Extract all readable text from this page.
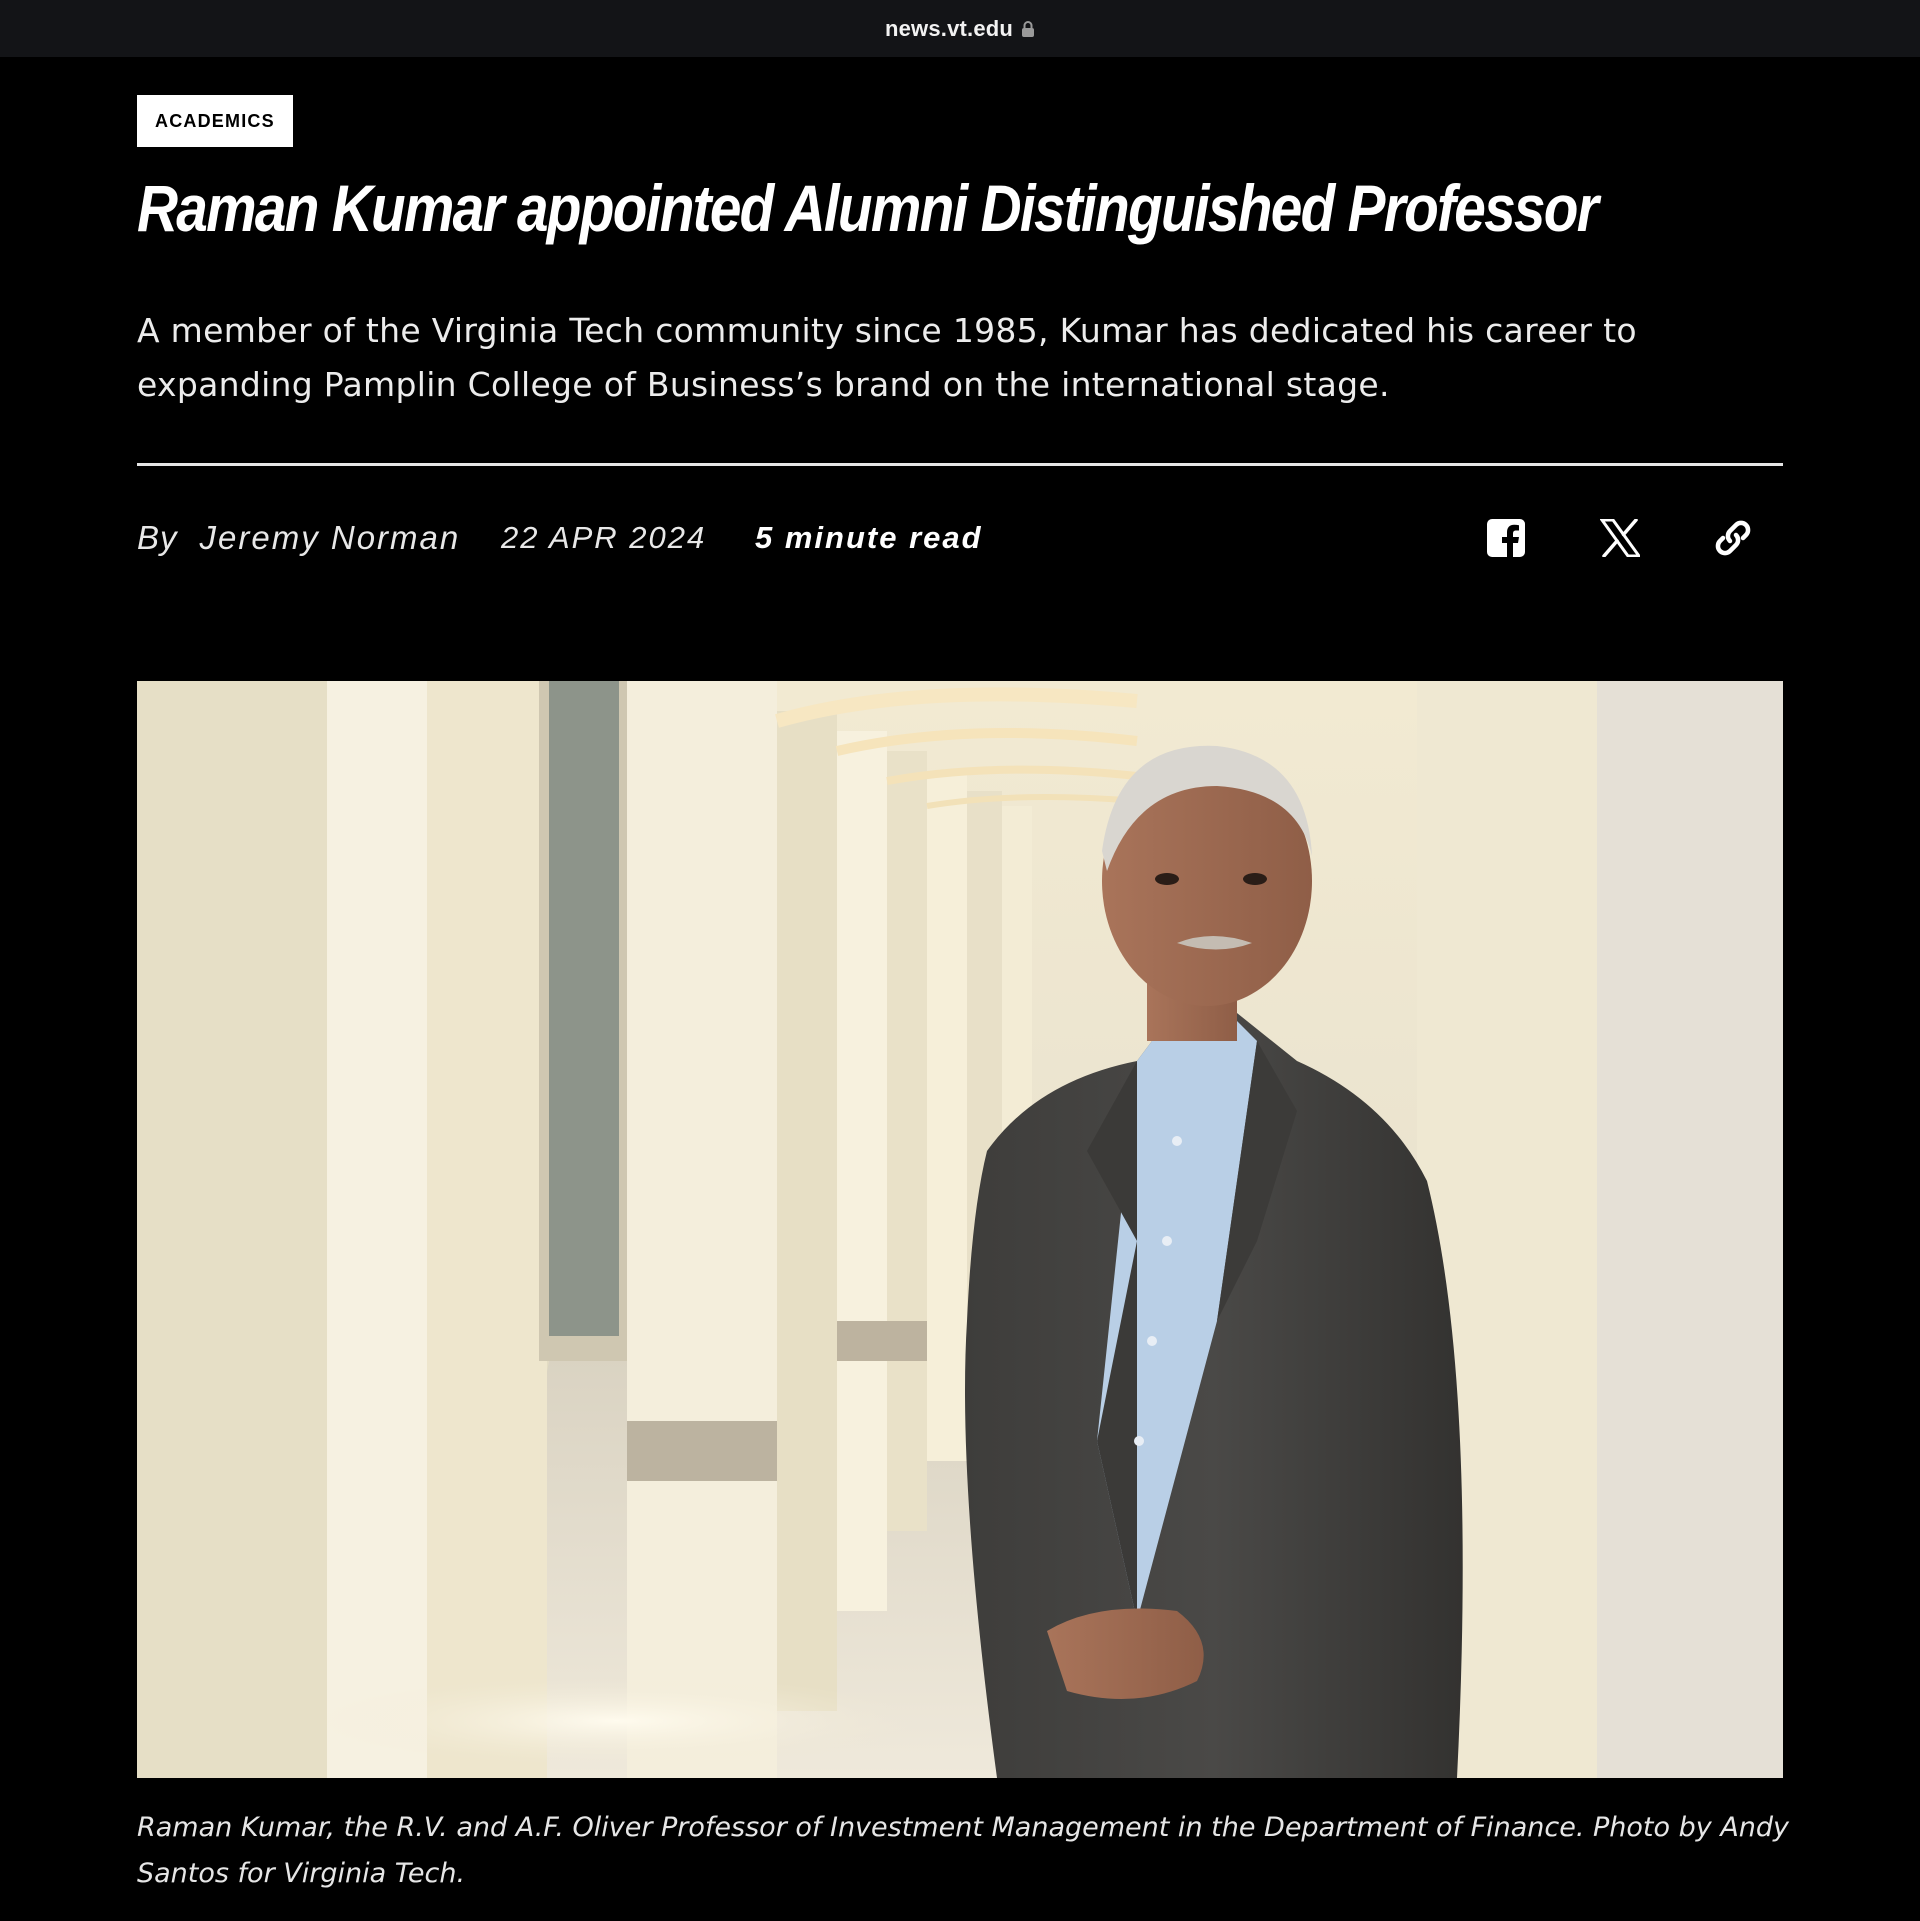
news.vt.edu
ACADEMICS
Raman Kumar appointed Alumni Distinguished Professor

A member of the Virginia Tech community since 1985, Kumar has dedicated his career to expanding Pamplin College of Business’s brand on the international stage.

By Jeremy Norman 22 APR 2024 5 minute read

Raman Kumar, the R.V. and A.F. Oliver Professor of Investment Management in the Department of Finance. Photo by Andy Santos for Virginia Tech.
